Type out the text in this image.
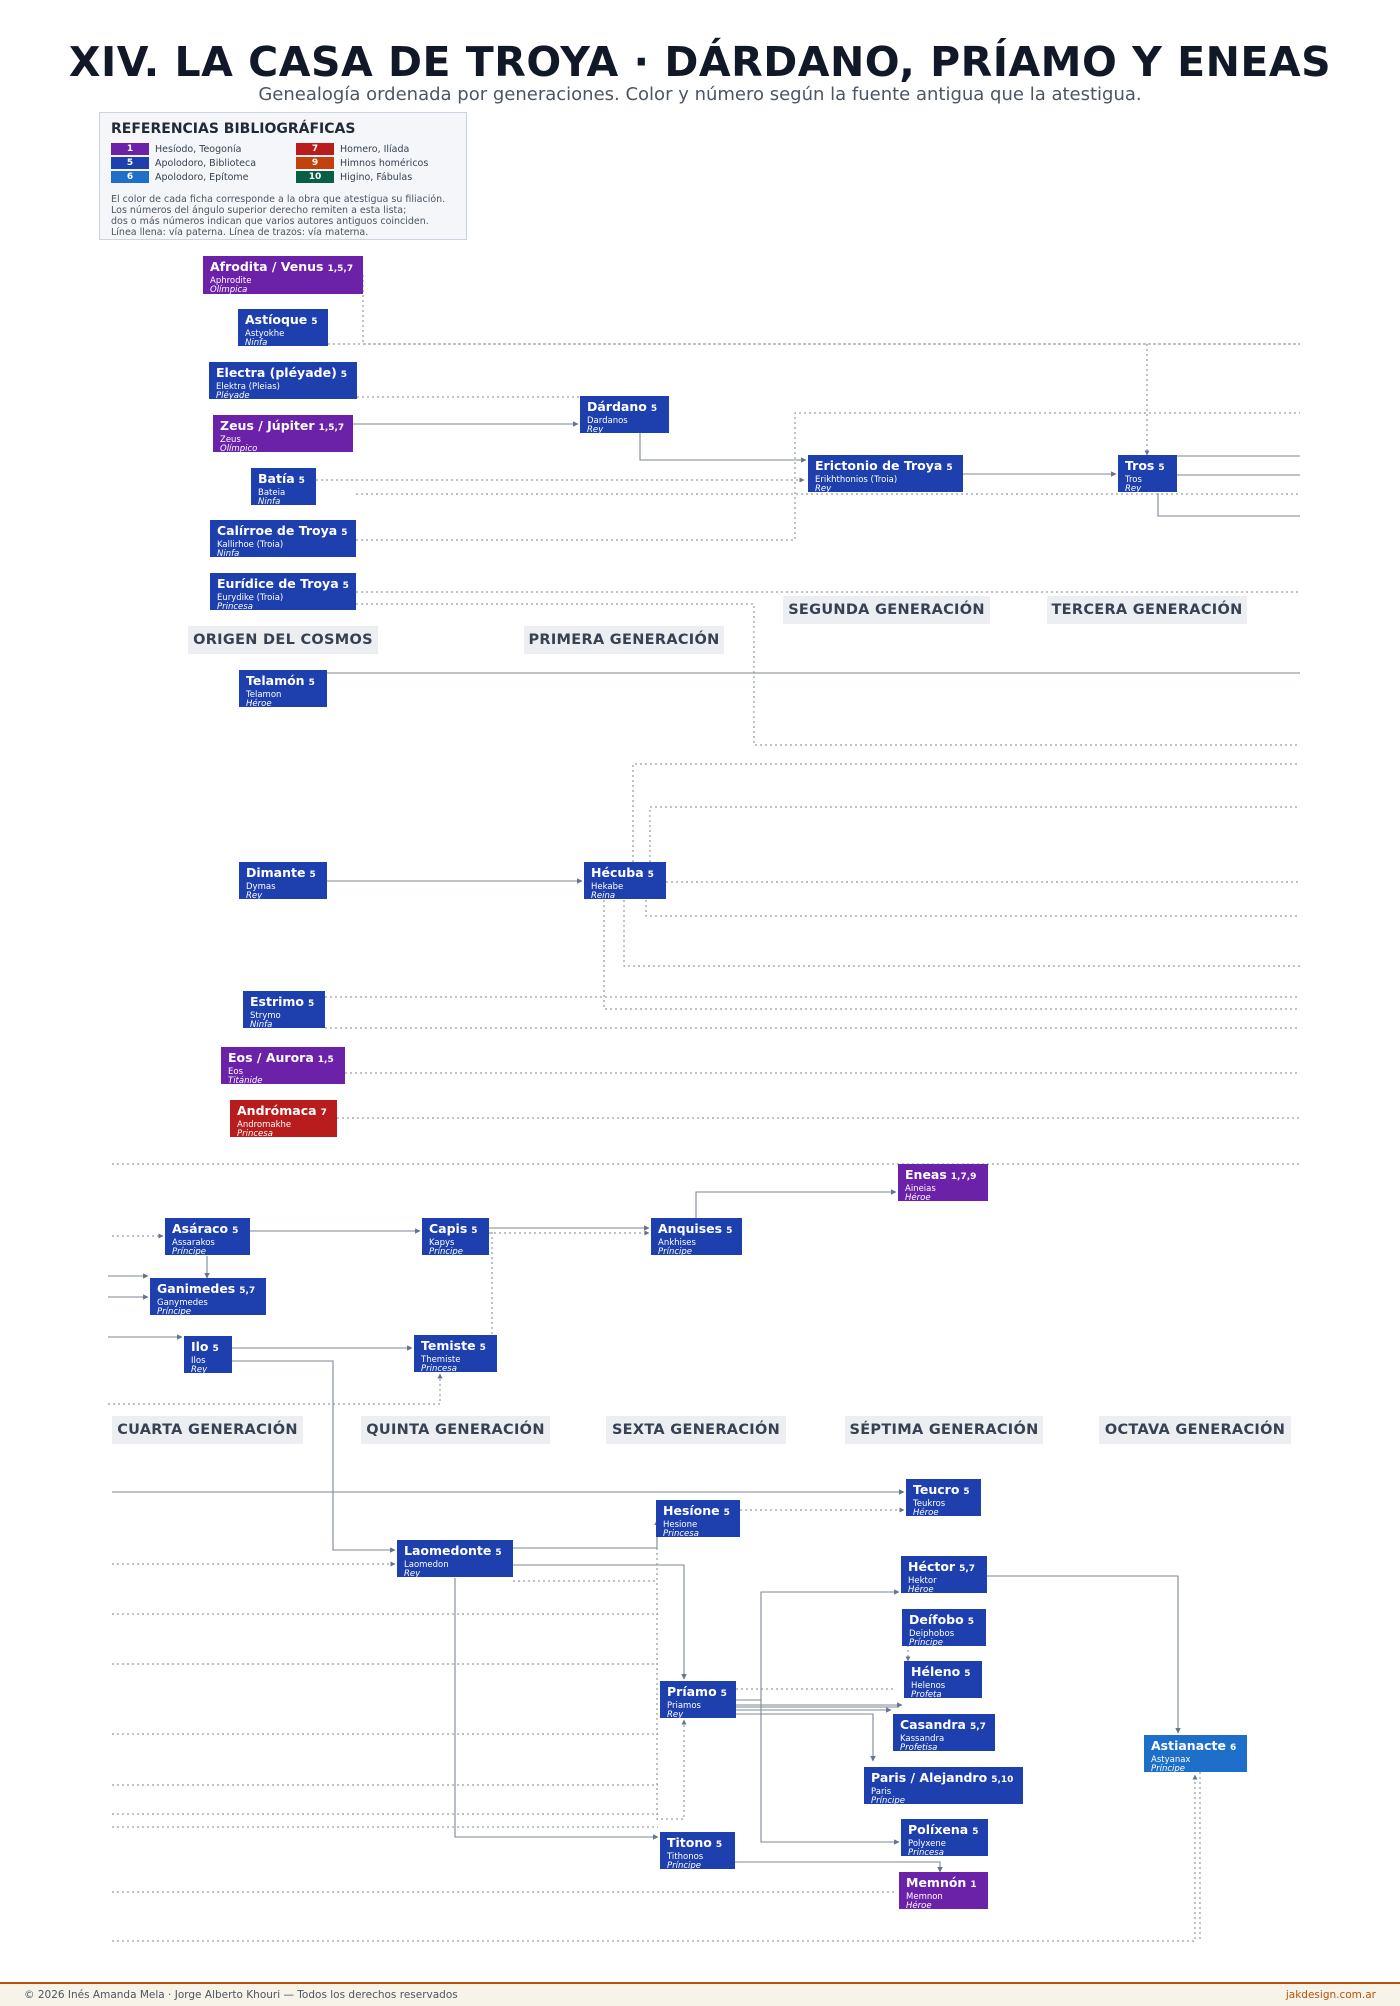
XIV. LA CASA DE TROYA · DÁRDANO, PRÍAMO Y ENEAS
Genealogía ordenada por generaciones. Color y número según la fuente antigua que la atestigua.
REFERENCIAS BIBLIOGRÁFICAS
1	Hesíodo, Teogonía	7	Homero, Ilíada
5	Apolodoro, Biblioteca	9	Himnos homéricos
6	Apolodoro, Epítome	10	Higino, Fábulas
El color de cada ficha corresponde a la obra que atestigua su filiación.
Los números del ángulo superior derecho remiten a esta lista;
dos o más números indican que varios autores antiguos coinciden.
Línea llena: vía paterna. Línea de trazos: vía materna.
ORIGEN DEL COSMOS	PRIMERA GENERACIÓN
SEGUNDA GENERACIÓN	TERCERA GENERACIÓN
CUARTA GENERACIÓN	QUINTA GENERACIÓN	SEXTA GENERACIÓN	SÉPTIMA GENERACIÓN	OCTAVA GENERACIÓN
Afrodita / Venus 1,5,7
Aphrodite
Olímpica
Astíoque 5
Astyokhe
Ninfa
Electra (pléyade) 5
Elektra (Pleias)
Pléyade
Zeus / Júpiter 1,5,7
Zeus
Olímpico
Batía 5
Bateia
Ninfa
Calírroe de Troya 5
Kallirhoe (Troia)
Ninfa
Eurídice de Troya 5
Eurydike (Troia)
Princesa
Telamón 5
Telamon
Héroe
Dimante 5
Dymas
Rey
Estrimo 5
Strymo
Ninfa
Eos / Aurora 1,5
Eos
Titánide
Andrómaca 7
Andromakhe
Princesa
Dárdano 5
Dardanos
Rey
Hécuba 5
Hekabe
Reina
Erictonio de Troya 5
Erikhthonios (Troia)
Rey
Tros 5
Tros
Rey
Asáraco 5
Assarakos
Príncipe
Ganimedes 5,7
Ganymedes
Príncipe
Ilo 5
Ilos
Rey
Capis 5
Kapys
Príncipe
Temiste 5
Themiste
Princesa
Laomedonte 5
Laomedon
Rey
Anquises 5
Ankhises
Príncipe
Hesíone 5
Hesione
Princesa
Príamo 5
Priamos
Rey
Titono 5
Tithonos
Príncipe
Eneas 1,7,9
Aineias
Héroe
Teucro 5
Teukros
Héroe
Héctor 5,7
Hektor
Héroe
Deífobo 5
Deiphobos
Príncipe
Héleno 5
Helenos
Profeta
Casandra 5,7
Kassandra
Profetisa
Paris / Alejandro 5,10
Paris
Príncipe
Políxena 5
Polyxene
Princesa
Memnón 1
Memnon
Héroe
Astianacte 6
Astyanax
Príncipe
© 2026 Inés Amanda Mela · Jorge Alberto Khouri — Todos los derechos reservados	jakdesign.com.ar
